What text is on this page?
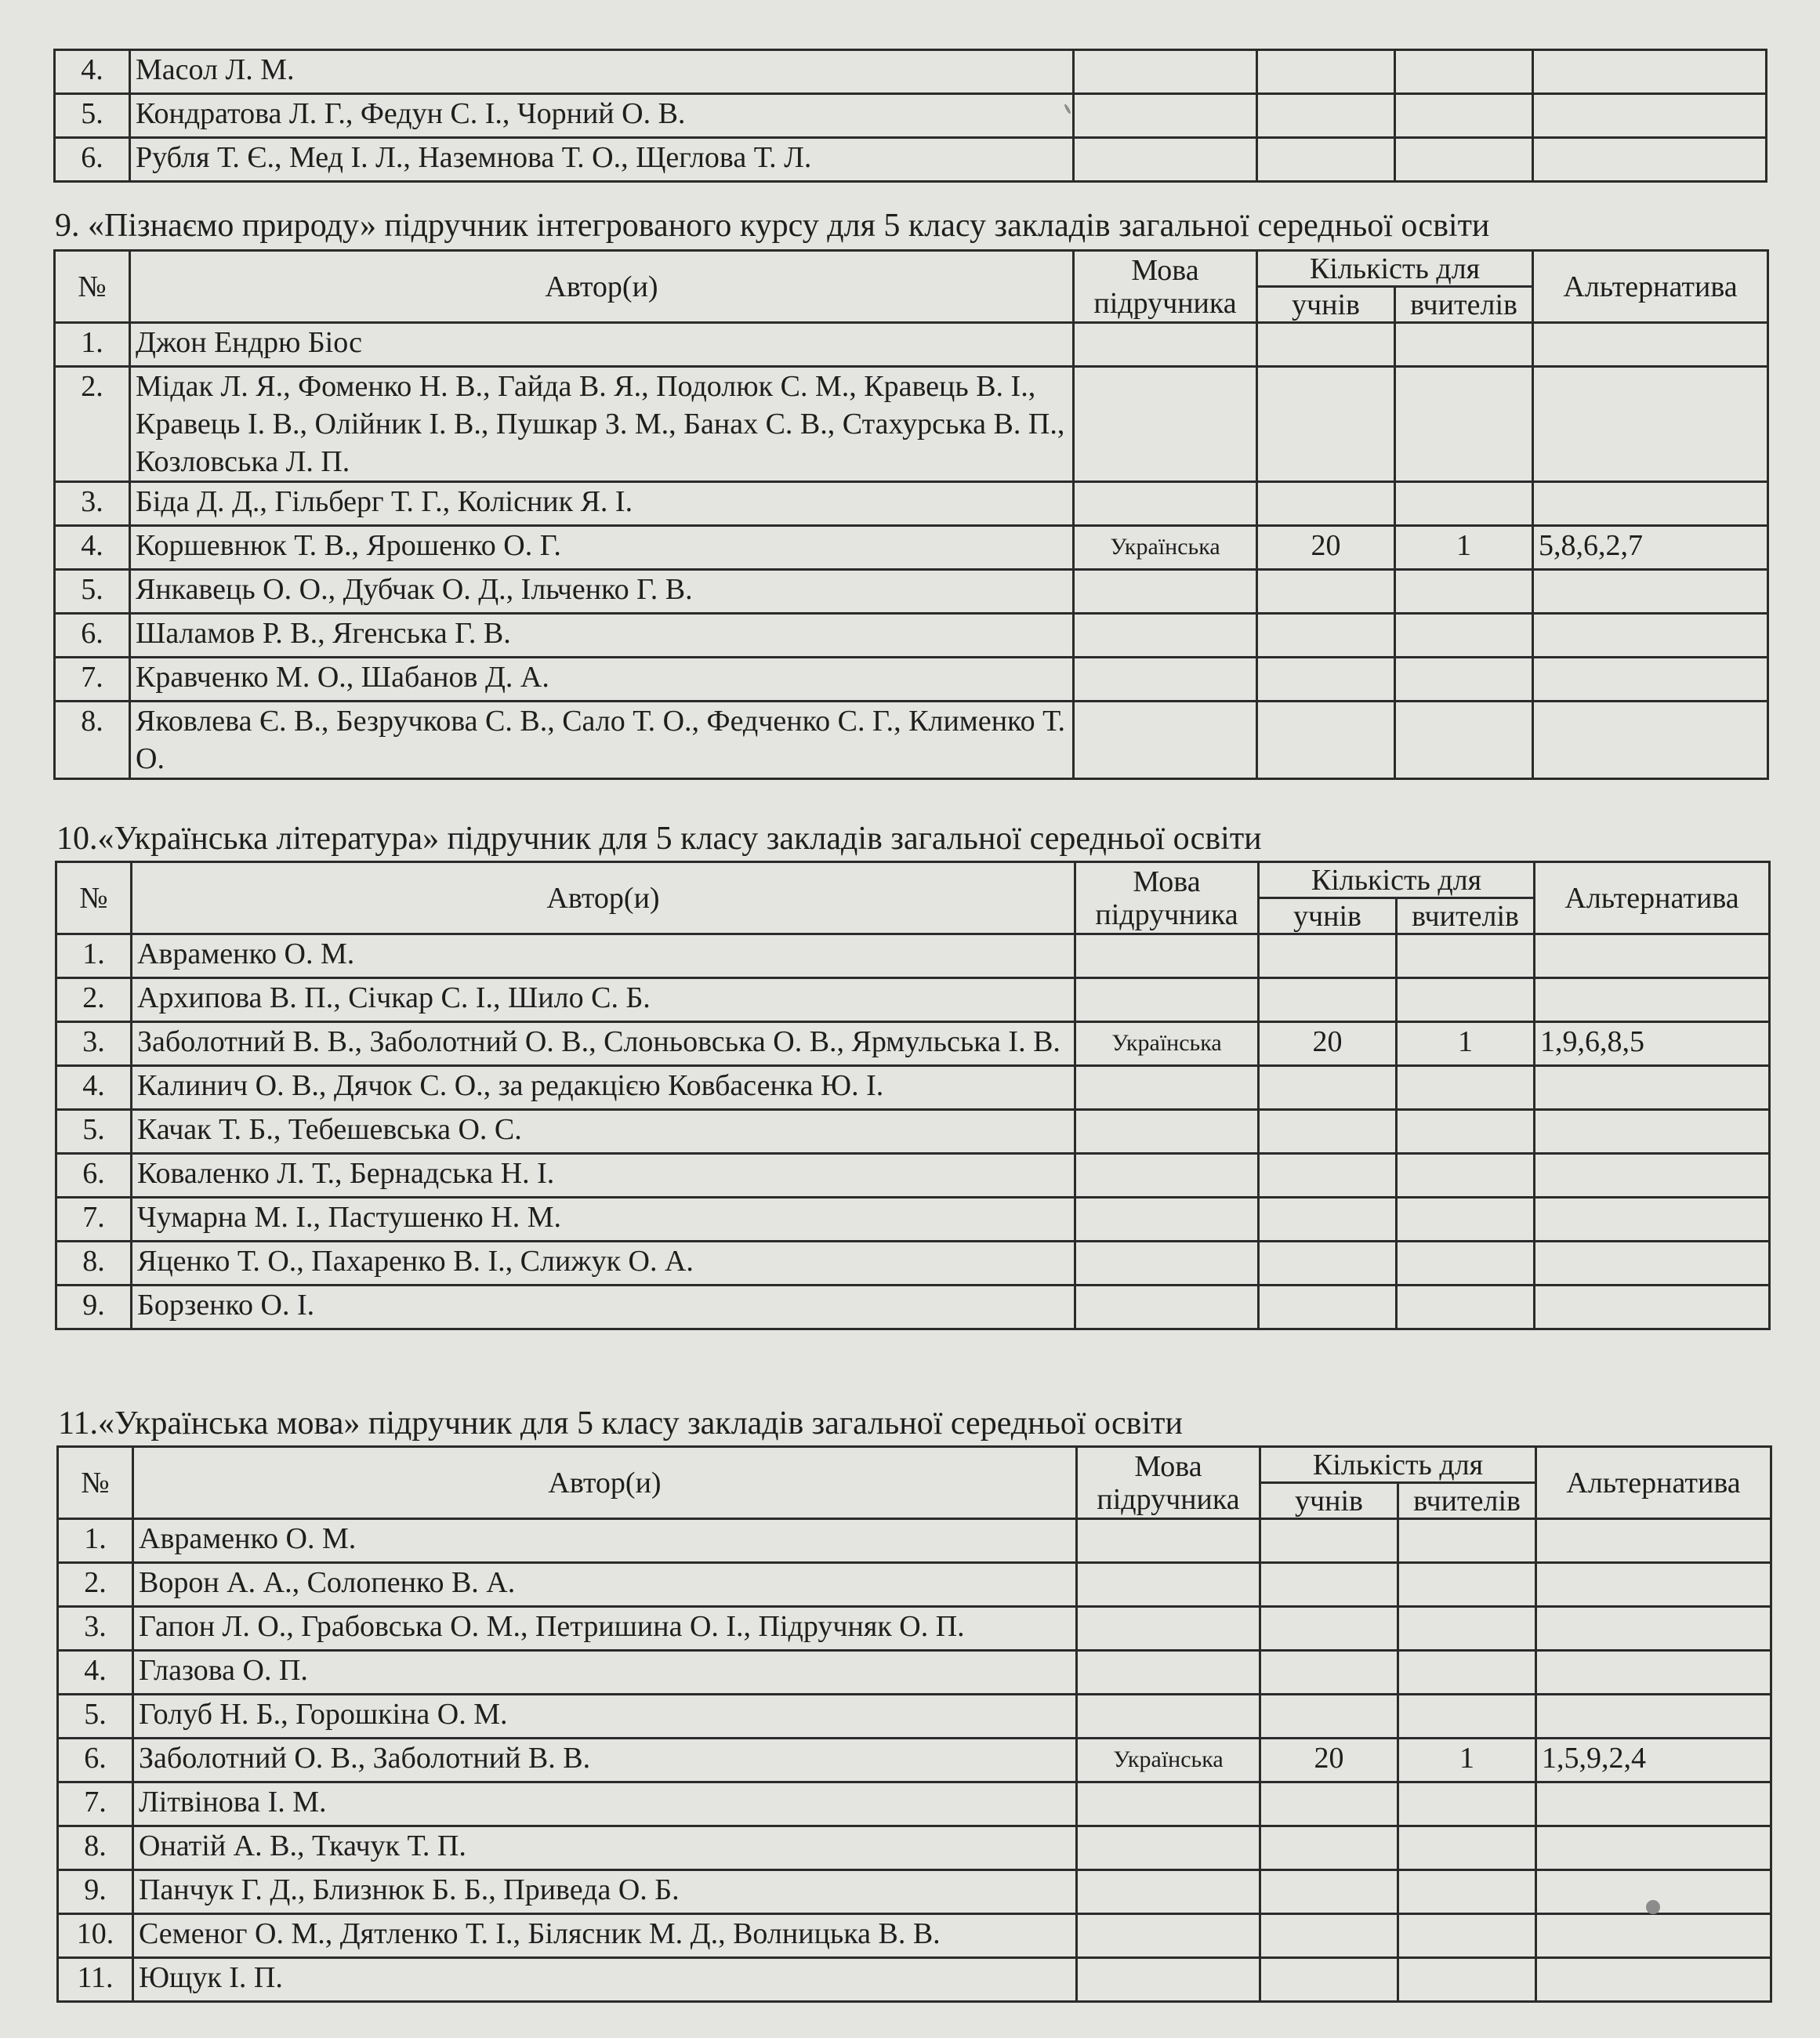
4.	Масол Л. М.				
5.	Кондратова Л. Г., Федун С. І., Чорний О. В.				
6.	Рубля Т. Є., Мед І. Л., Наземнова Т. О., Щеглова Т. Л.				
9. «Пізнаємо природу» підручник інтегрованого курсу для 5 класу закладів загальної середньої освіти
№	Автор(и)	Мова підручника	Кількість для		Альтернатива
			учнів	вчителів	
1.	Джон Ендрю Біос				
2.	Мідак Л. Я., Фоменко Н. В., Гайда В. Я., Подолюк С. М., Кравець В. І., Кравець І. В., Олійник І. В., Пушкар З. М., Банах С. В., Стахурська В. П., Козловська Л. П.				
3.	Біда Д. Д., Гільберг Т. Г., Колісник Я. І.				
4.	Коршевнюк Т. В., Ярошенко О. Г.	Українська	20	1	5,8,6,2,7
5.	Янкавець О. О., Дубчак О. Д., Ільченко Г. В.				
6.	Шаламов Р. В., Ягенська Г. В.				
7.	Кравченко М. О., Шабанов Д. А.				
8.	Яковлева Є. В., Безручкова С. В., Сало Т. О., Федченко С. Г., Клименко Т. О.				
10.«Українська література» підручник для 5 класу закладів загальної середньої освіти
№	Автор(и)	Мова підручника	Кількість для		Альтернатива
			учнів	вчителів	
1.	Авраменко О. М.				
2.	Архипова В. П., Січкар С. І., Шило С. Б.				
3.	Заболотний В. В., Заболотний О. В., Слоньовська О. В., Ярмульська І. В.	Українська	20	1	1,9,6,8,5
4.	Калинич О. В., Дячок С. О., за редакцією Ковбасенка Ю. І.				
5.	Качак Т. Б., Тебешевська О. С.				
6.	Коваленко Л. Т., Бернадська Н. І.				
7.	Чумарна М. І., Пастушенко Н. М.				
8.	Яценко Т. О., Пахаренко В. І., Слижук О. А.				
9.	Борзенко О. І.				
11.«Українська мова» підручник для 5 класу закладів загальної середньої освіти
№	Автор(и)	Мова підручника	Кількість для		Альтернатива
			учнів	вчителів	
1.	Авраменко О. М.				
2.	Ворон А. А., Солопенко В. А.				
3.	Гапон Л. О., Грабовська О. М., Петришина О. І., Підручняк О. П.				
4.	Глазова О. П.				
5.	Голуб Н. Б., Горошкіна О. М.				
6.	Заболотний О. В., Заболотний В. В.	Українська	20	1	1,5,9,2,4
7.	Літвінова І. М.				
8.	Онатій А. В., Ткачук Т. П.				
9.	Панчук Г. Д., Близнюк Б. Б., Приведа О. Б.				
10.	Семеног О. М., Дятленко Т. І., Білясник М. Д., Волницька В. В.				
11.	Ющук І. П.				
